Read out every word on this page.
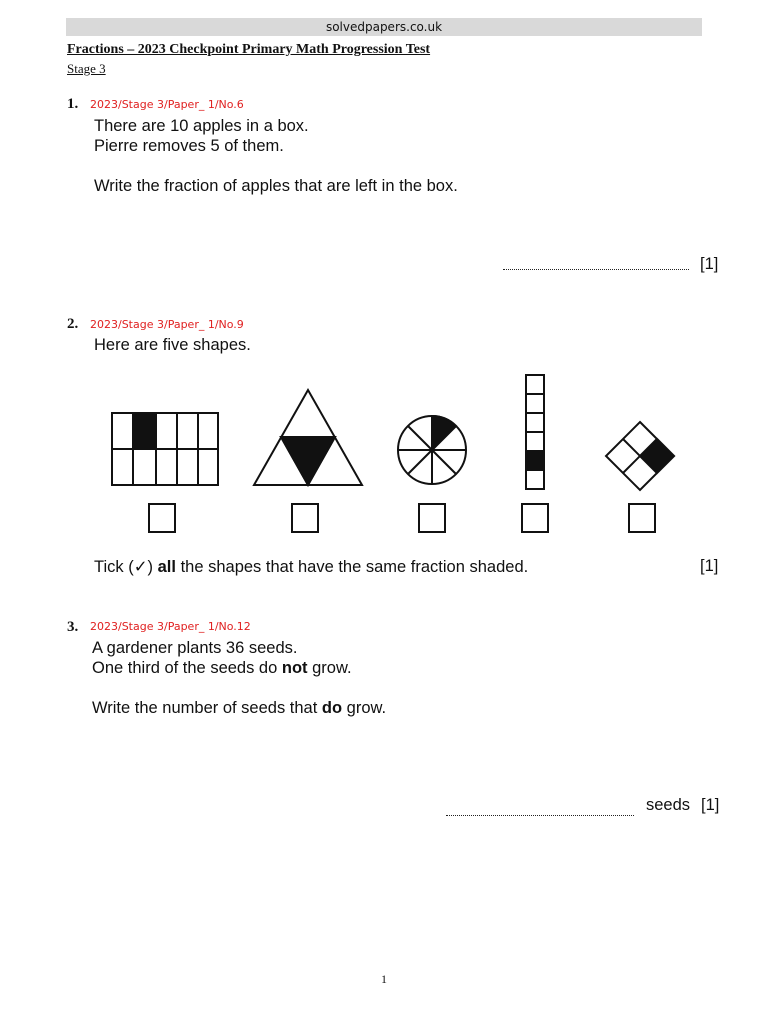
solvedpapers.co.uk
Fractions – 2023 Checkpoint Primary Math Progression Test
Stage 3
1. 2023/Stage 3/Paper_ 1/No.6
There are 10 apples in a box.
Pierre removes 5 of them.
Write the fraction of apples that are left in the box.
[1]
2. 2023/Stage 3/Paper_ 1/No.9
Here are five shapes.
Tick (✓) all the shapes that have the same fraction shaded.	[1]
3. 2023/Stage 3/Paper_ 1/No.12
A gardener plants 36 seeds.
One third of the seeds do not grow.
Write the number of seeds that do grow.
seeds [1]
1
